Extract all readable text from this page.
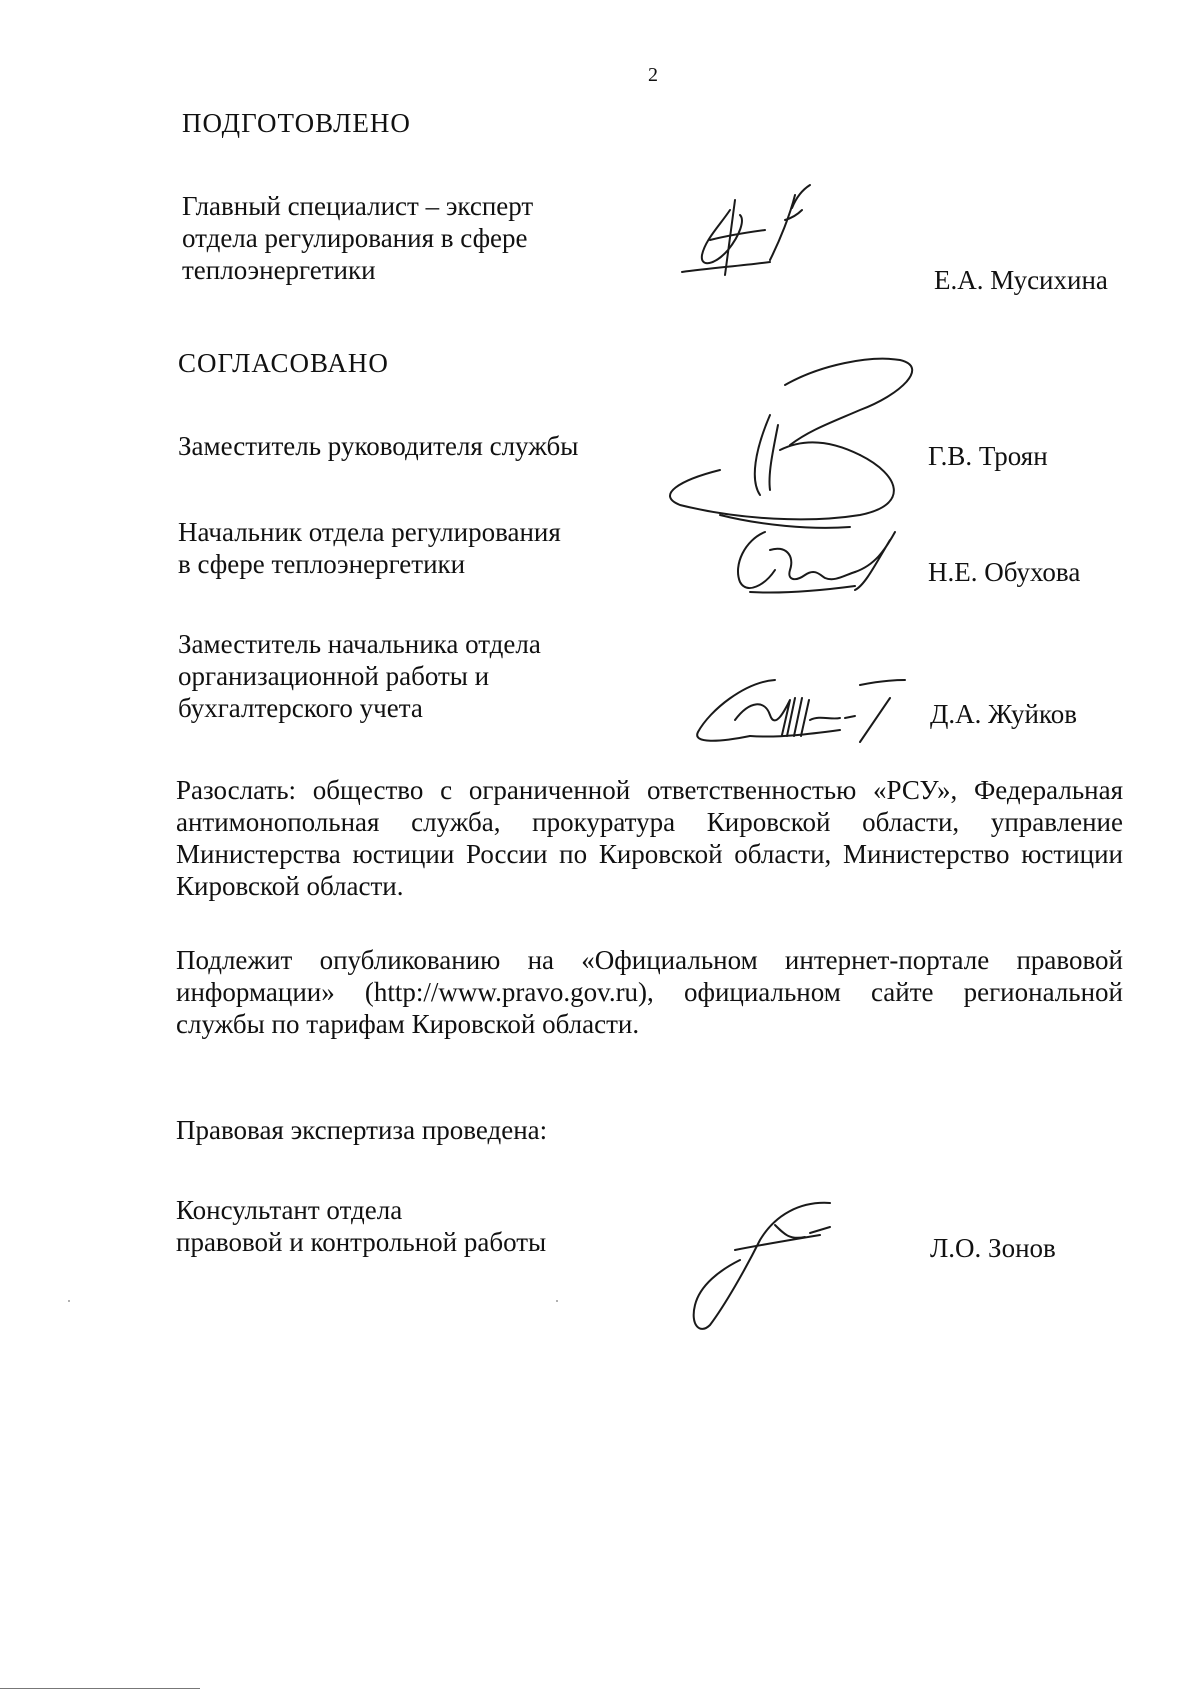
2
ПОДГОТОВЛЕНО
Главный специалист – эксперт
отдела регулирования в сфере
теплоэнергетики	Е.А. Мусихина
СОГЛАСОВАНО
Заместитель руководителя службы	Г.В. Троян
Начальник отдела регулирования
в сфере теплоэнергетики	Н.Е. Обухова
Заместитель начальника отдела
организационной работы и
бухгалтерского учета	Д.А. Жуйков
Разослать: общество с ограниченной ответственностью «РСУ», Федеральная антимонопольная служба, прокуратура Кировской области, управление Министерства юстиции России по Кировской области, Министерство юстиции Кировской области.
Подлежит опубликованию на «Официальном интернет-портале правовой информации» (http://www.pravo.gov.ru), официальном сайте региональной службы по тарифам Кировской области.
Правовая экспертиза проведена:
Консультант отдела
правовой и контрольной работы	Л.О. Зонов
